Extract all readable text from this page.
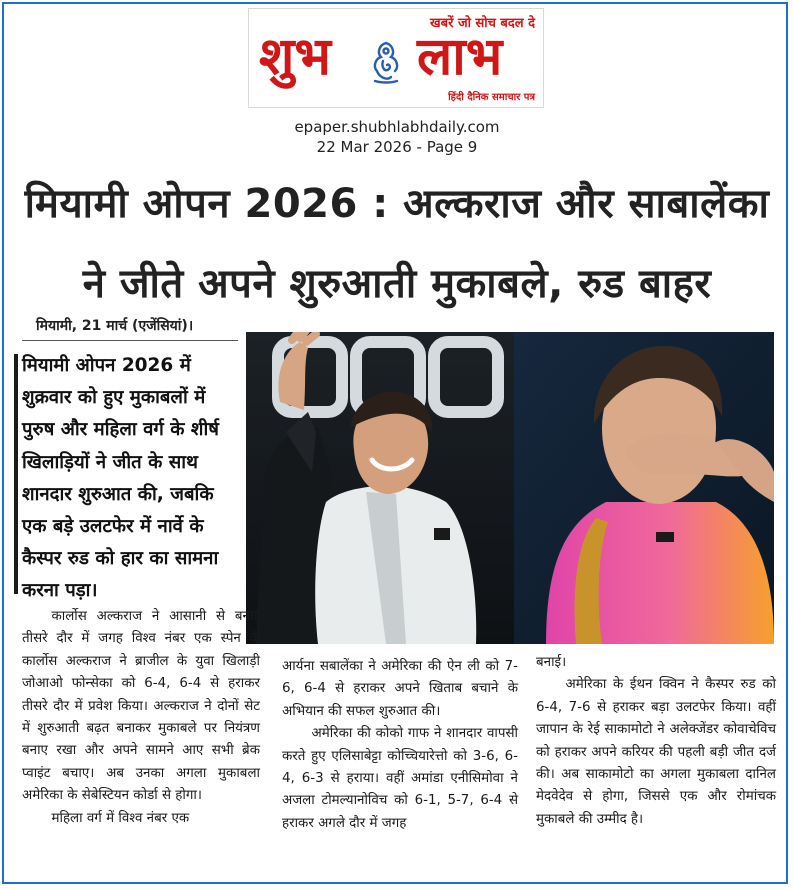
खबरें जो सोच बदल दे
शुभ लाभ
हिंदी दैनिक समाचार पत्र
epaper.shubhlabhdaily.com
22 Mar 2026 - Page 9
मियामी ओपन 2026 : अल्कराज और साबालेंका
ने जीते अपने शुरुआती मुकाबले, रुड बाहर
मियामी, 21 मार्च (एजेंसियां)।
मियामी ओपन 2026 में शुक्रवार को हुए मुकाबलों में पुरुष और महिला वर्ग के शीर्ष खिलाड़ियों ने जीत के साथ शानदार शुरुआत की, जबकि एक बड़े उलटफेर में नार्वे के कैस्पर रुड को हार का सामना करना पड़ा।

कार्लोस अल्कराज ने आसानी से बनाई तीसरे दौर में जगह विश्व नंबर एक स्पेन के कार्लोस अल्कराज ने ब्राजील के युवा खिलाड़ी जोआओ फोन्सेका को 6-4, 6-4 से हराकर तीसरे दौर में प्रवेश किया। अल्कराज ने दोनों सेट में शुरुआती बढ़त बनाकर मुकाबले पर नियंत्रण बनाए रखा और अपने सामने आए सभी ब्रेक प्वाइंट बचाए। अब उनका अगला मुकाबला अमेरिका के सेबेस्टियन कोर्डा से होगा।

महिला वर्ग में विश्व नंबर एक

आर्यना सबालेंका ने अमेरिका की ऐन ली को 7-6, 6-4 से हराकर अपने खिताब बचाने के अभियान की सफल शुरुआत की।

अमेरिका की कोको गाफ ने शानदार वापसी करते हुए एलिसाबेट्टा कोच्चियारेत्तो को 3-6, 6-4, 6-3 से हराया। वहीं अमांडा एनीसिमोवा ने अजला टोमल्यानोविच को 6-1, 5-7, 6-4 से हराकर अगले दौर में जगह

बनाई।

अमेरिका के ईथन क्विन ने कैस्पर रुड को 6-4, 7-6 से हराकर बड़ा उलटफेर किया। वहीं जापान के रेई साकामोटो ने अलेक्जेंडर कोवाचेविच को हराकर अपने करियर की पहली बड़ी जीत दर्ज की। अब साकामोटो का अगला मुकाबला दानिल मेदवेदेव से होगा, जिससे एक और रोमांचक मुकाबले की उम्मीद है।
